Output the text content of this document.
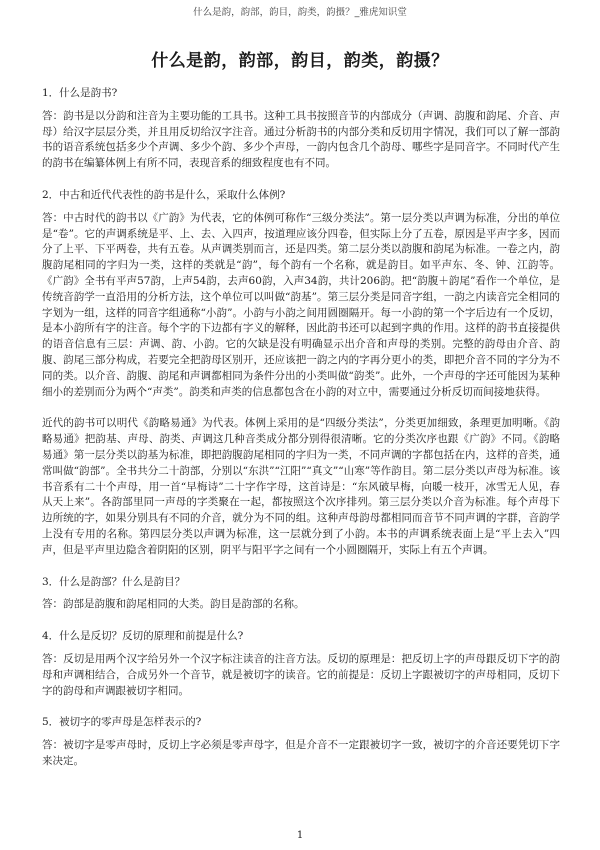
什么是韵，韵部，韵目，韵类，韵摄？_雅虎知识堂
什么是韵，韵部，韵目，韵类，韵摄？

1．什么是韵书?

答：韵书是以分韵和注音为主要功能的工具书。这种工具书按照音节的内部成分（声调、韵腹和韵尾、介音、声母）给汉字层层分类，并且用反切给汉字注音。通过分析韵书的内部分类和反切用字情况，我们可以了解一部韵书的语音系统包括多少个声调、多少个韵、多少个声母，一韵内包含几个韵母、哪些字是同音字。不同时代产生的韵书在编纂体例上有所不同，表现音系的细致程度也有不同。

2．中古和近代代表性的韵书是什么，采取什么体例?

答：中古时代的韵书以《广韵》为代表，它的体例可称作“三级分类法”。第一层分类以声调为标准，分出的单位是“卷”。它的声调系统是平、上、去、入四声，按道理应该分四卷，但实际上分了五卷，原因是平声字多，因而分了上平、下平两卷，共有五卷。从声调类别而言，还是四类。第二层分类以韵腹和韵尾为标准。一卷之内，韵腹韵尾相同的字归为一类，这样的类就是“韵”，每个韵有一个名称，就是韵目。如平声东、冬、钟、江韵等。《广韵》全书有平声57韵，上声54韵，去声60韵，入声34韵，共计206韵。把“韵腹＋韵尾”看作一个单位，是传统音韵学一直沿用的分析方法，这个单位可以叫做“韵基”。第三层分类是同音字组，一韵之内读音完全相同的字划为一组，这样的同音字组通称“小韵”。小韵与小韵之间用圆圈隔开。每一小韵的第一个字后边有一个反切，是本小韵所有字的注音。每个字的下边都有字义的解释，因此韵书还可以起到字典的作用。这样的韵书直接提供的语音信息有三层：声调、韵、小韵。它的欠缺是没有明确显示出介音和声母的类别。完整的韵母由介音、韵腹、韵尾三部分构成，若要完全把韵母区别开，还应该把一韵之内的字再分更小的类，即把介音不同的字分为不同的类。以介音、韵腹、韵尾和声调都相同为条件分出的小类叫做“韵类”。此外，一个声母的字还可能因为某种细小的差别而分为两个“声类”。韵类和声类的信息都包含在小韵的对立中，需要通过分析反切而间接地获得。

近代的韵书可以明代《韵略易通》为代表。体例上采用的是“四级分类法”，分类更加细致，条理更加明晰。《韵略易通》把韵基、声母、韵类、声调这几种音类成分都分别得很清晰。它的分类次序也跟《广韵》不同。《韵略易通》第一层分类以韵基为标准，即把韵腹韵尾相同的字归为一类，不同声调的字都包括在内，这样的音类，通常叫做“韵部”。全书共分二十韵部，分别以“东洪”“江阳”“真文”“山寒”等作韵目。第二层分类以声母为标准。该书音系有二十个声母，用一首“早梅诗”二十字作字母，这首诗是：“东风破早梅，向暖一枝开，冰雪无人见，春从天上来”。各韵部里同一声母的字类聚在一起，都按照这个次序排列。第三层分类以介音为标准。每个声母下边所统的字，如果分别具有不同的介音，就分为不同的组。这种声母韵母都相同而音节不同声调的字群，音韵学上没有专用的名称。第四层分类以声调为标准，这一层就分到了小韵。本书的声调系统表面上是“平上去入”四声，但是平声里边隐含着阴阳的区别，阴平与阳平字之间有一个小圆圈隔开，实际上有五个声调。

3．什么是韵部？什么是韵目？

答：韵部是韵腹和韵尾相同的大类。韵目是韵部的名称。

4．什么是反切？反切的原理和前提是什么?

答：反切是用两个汉字给另外一个汉字标注读音的注音方法。反切的原理是：把反切上字的声母跟反切下字的韵母和声调相结合，合成另外一个音节，就是被切字的读音。它的前提是：反切上字跟被切字的声母相同，反切下字的韵母和声调跟被切字相同。

5．被切字的零声母是怎样表示的?

答：被切字是零声母时，反切上字必须是零声母字，但是介音不一定跟被切字一致，被切字的介音还要凭切下字来决定。

1
